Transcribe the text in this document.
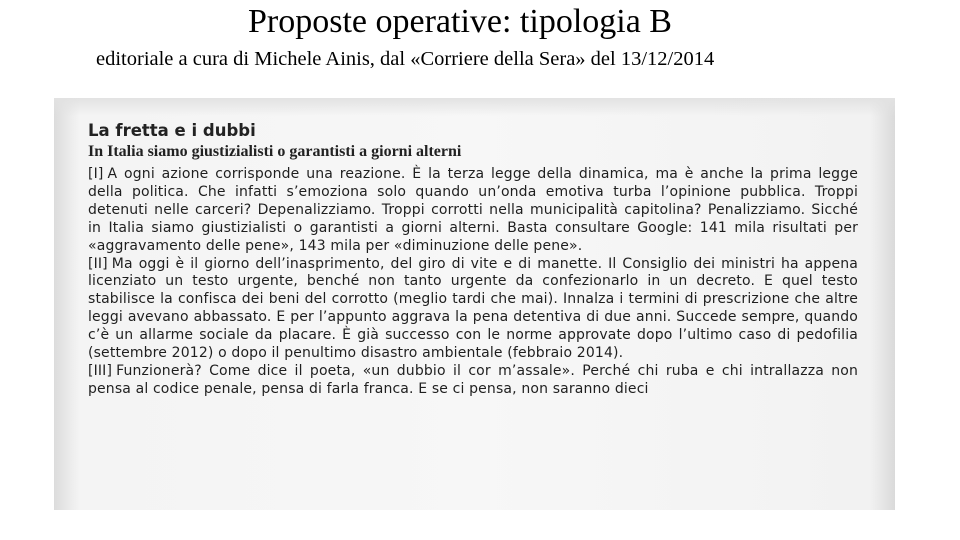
Proposte operative: tipologia B
editoriale a cura di Michele Ainis, dal «Corriere della Sera» del 13/12/2014
La fretta e i dubbi
In Italia siamo giustizialisti o garantisti a giorni alterni
[I] A ogni azione corrisponde una reazione. È la terza legge della dinamica, ma è anche la prima legge della politica. Che infatti s’emoziona solo quando un’onda emotiva turba l’opinione pubblica. Troppi detenuti nelle carceri? Depenalizziamo. Troppi corrotti nella municipalità capitolina? Penalizziamo. Sicché in Italia siamo giustizialisti o garantisti a giorni alterni. Basta consultare Google: 141 mila risultati per «aggravamento delle pene», 143 mila per «diminuzione delle pene».
[II] Ma oggi è il giorno dell’inasprimento, del giro di vite e di manette. Il Consiglio dei ministri ha appena licenziato un testo urgente, benché non tanto urgente da confezionarlo in un decreto. E quel testo stabilisce la confisca dei beni del corrotto (meglio tardi che mai). Innalza i termini di prescrizione che altre leggi avevano abbassato. E per l’appunto aggrava la pena detentiva di due anni. Succede sempre, quando c’è un allarme sociale da placare. È già successo con le norme approvate dopo l’ultimo caso di pedofilia (settembre 2012) o dopo il penultimo disastro ambientale (febbraio 2014).
[III] Funzionerà? Come dice il poeta, «un dubbio il cor m’assale». Perché chi ruba e chi intrallazza non pensa al codice penale, pensa di farla franca. E se ci pensa, non saranno dieci
